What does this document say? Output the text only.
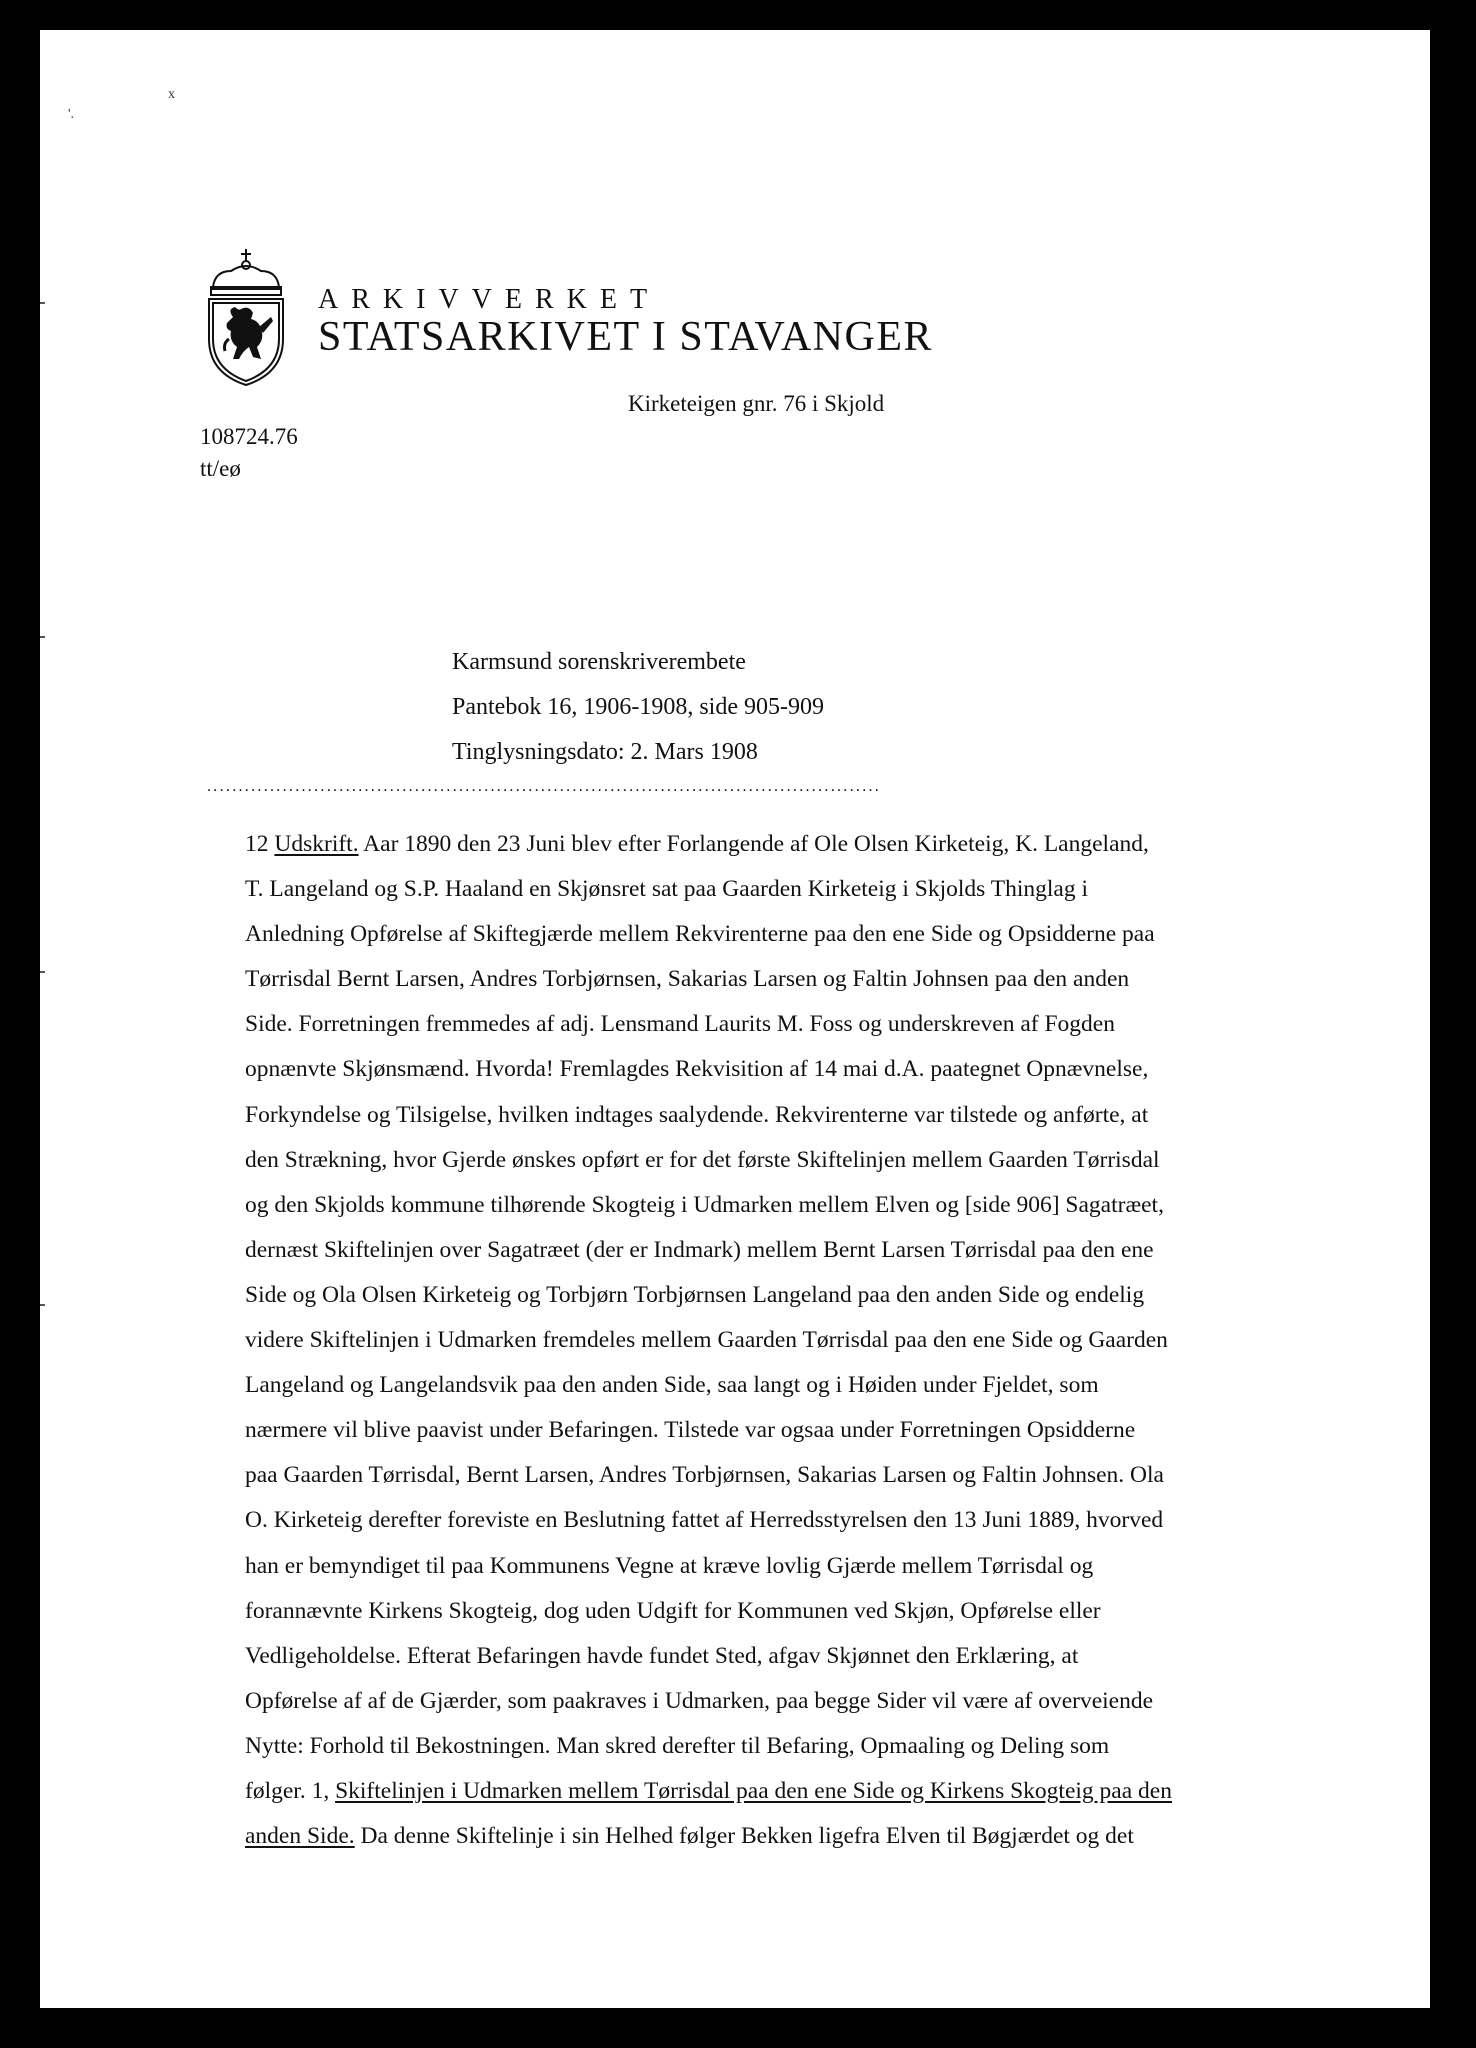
x
'.
ARKIVVERKET
STATSARKIVET I STAVANGER
Kirketeigen gnr. 76 i Skjold
108724.76
tt/eø
Karmsund sorenskriverembete
Pantebok 16, 1906-1908, side 905-909
Tinglysningsdato: 2. Mars 1908
...........................................................................................................
12 Udskrift. Aar 1890 den 23 Juni blev efter Forlangende af Ole Olsen Kirketeig, K. Langeland,
T. Langeland og S.P. Haaland en Skjønsret sat paa Gaarden Kirketeig i Skjolds Thinglag i
Anledning Opførelse af Skiftegjærde mellem Rekvirenterne paa den ene Side og Opsidderne paa
Tørrisdal Bernt Larsen, Andres Torbjørnsen, Sakarias Larsen og Faltin Johnsen paa den anden
Side. Forretningen fremmedes af adj. Lensmand Laurits M. Foss og underskreven af Fogden
opnænvte Skjønsmænd. Hvorda! Fremlagdes Rekvisition af 14 mai d.A. paategnet Opnævnelse,
Forkyndelse og Tilsigelse, hvilken indtages saalydende. Rekvirenterne var tilstede og anførte, at
den Strækning, hvor Gjerde ønskes opført er for det første Skiftelinjen mellem Gaarden Tørrisdal
og den Skjolds kommune tilhørende Skogteig i Udmarken mellem Elven og [side 906] Sagatræet,
dernæst Skiftelinjen over Sagatræet (der er Indmark) mellem Bernt Larsen Tørrisdal paa den ene
Side og Ola Olsen Kirketeig og Torbjørn Torbjørnsen Langeland paa den anden Side og endelig
videre Skiftelinjen i Udmarken fremdeles mellem Gaarden Tørrisdal paa den ene Side og Gaarden
Langeland og Langelandsvik paa den anden Side, saa langt og i Høiden under Fjeldet, som
nærmere vil blive paavist under Befaringen. Tilstede var ogsaa under Forretningen Opsidderne
paa Gaarden Tørrisdal, Bernt Larsen, Andres Torbjørnsen, Sakarias Larsen og Faltin Johnsen. Ola
O. Kirketeig derefter foreviste en Beslutning fattet af Herredsstyrelsen den 13 Juni 1889, hvorved
han er bemyndiget til paa Kommunens Vegne at kræve lovlig Gjærde mellem Tørrisdal og
forannævnte Kirkens Skogteig, dog uden Udgift for Kommunen ved Skjøn, Opførelse eller
Vedligeholdelse. Efterat Befaringen havde fundet Sted, afgav Skjønnet den Erklæring, at
Opførelse af af de Gjærder, som paakraves i Udmarken, paa begge Sider vil være af overveiende
Nytte: Forhold til Bekostningen. Man skred derefter til Befaring, Opmaaling og Deling som
følger. 1, Skiftelinjen i Udmarken mellem Tørrisdal paa den ene Side og Kirkens Skogteig paa den
anden Side. Da denne Skiftelinje i sin Helhed følger Bekken ligefra Elven til Bøgjærdet og det
